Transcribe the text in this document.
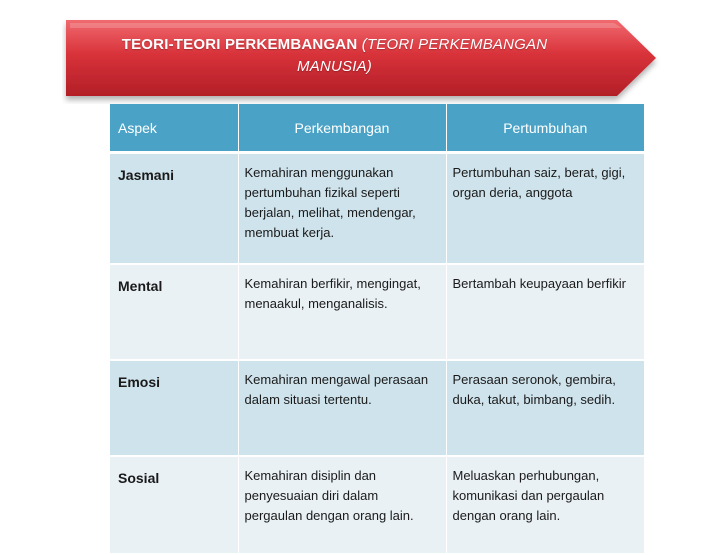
TEORI-TEORI PERKEMBANGAN (TEORI PERKEMBANGAN
MANUSIA)
Aspek	Perkembangan	Pertumbuhan
Jasmani	Kemahiran menggunakan pertumbuhan fizikal seperti berjalan, melihat, mendengar, membuat kerja.	Pertumbuhan saiz, berat, gigi, organ deria, anggota
Mental	Kemahiran berfikir, mengingat, menaakul, menganalisis.	Bertambah keupayaan berfikir
Emosi	Kemahiran mengawal perasaan dalam situasi tertentu.	Perasaan seronok, gembira, duka, takut, bimbang, sedih.
Sosial	Kemahiran disiplin dan penyesuaian diri dalam pergaulan dengan orang lain.	Meluaskan perhubungan, komunikasi dan pergaulan dengan orang lain.
